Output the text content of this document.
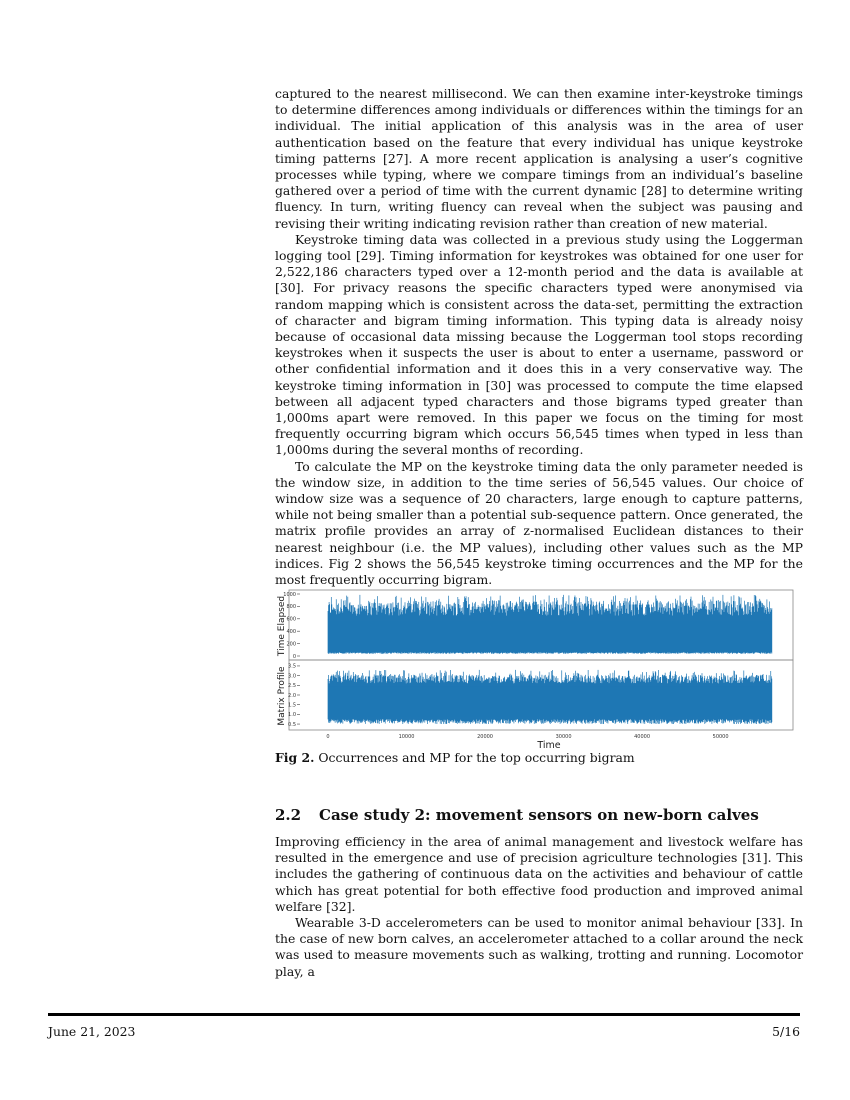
captured to the nearest millisecond. We can then examine inter-keystroke timings to determine differences among individuals or differences within the timings for an individual. The initial application of this analysis was in the area of user authentication based on the feature that every individual has unique keystroke timing patterns [27]. A more recent application is analysing a user’s cognitive processes while typing, where we compare timings from an individual’s baseline gathered over a period of time with the current dynamic [28] to determine writing fluency. In turn, writing fluency can reveal when the subject was pausing and revising their writing indicating revision rather than creation of new material.

Keystroke timing data was collected in a previous study using the Loggerman logging tool [29]. Timing information for keystrokes was obtained for one user for 2,522,186 characters typed over a 12-month period and the data is available at [30]. For privacy reasons the specific characters typed were anonymised via random mapping which is consistent across the data-set, permitting the extraction of character and bigram timing information. This typing data is already noisy because of occasional data missing because the Loggerman tool stops recording keystrokes when it suspects the user is about to enter a username, password or other confidential information and it does this in a very conservative way. The keystroke timing information in [30] was processed to compute the time elapsed between all adjacent typed characters and those bigrams typed greater than 1,000ms apart were removed. In this paper we focus on the timing for most frequently occurring bigram which occurs 56,545 times when typed in less than 1,000ms during the several months of recording.

To calculate the MP on the keystroke timing data the only parameter needed is the window size, in addition to the time series of 56,545 values. Our choice of window size was a sequence of 20 characters, large enough to capture patterns, while not being smaller than a potential sub-sequence pattern. Once generated, the matrix profile provides an array of z-normalised Euclidean distances to their nearest neighbour (i.e. the MP values), including other values such as the MP indices. Fig 2 shows the 56,545 keystroke timing occurrences and the MP for the most frequently occurring bigram.

0
200
400
600
800
1000
Time Elapsed
0.5
1.0
1.5
2.0
2.5
3.0
3.5
Matrix Profile
0	10000	20000	30000	40000	50000
Time
Fig 2. Occurrences and MP for the top occurring bigram
2.2 Case study 2: movement sensors on new-born calves

Improving efficiency in the area of animal management and livestock welfare has resulted in the emergence and use of precision agriculture technologies [31]. This includes the gathering of continuous data on the activities and behaviour of cattle which has great potential for both effective food production and improved animal welfare [32].

Wearable 3-D accelerometers can be used to monitor animal behaviour [33]. In the case of new born calves, an accelerometer attached to a collar around the neck was used to measure movements such as walking, trotting and running. Locomotor play, a

June 21, 2023	5/16
